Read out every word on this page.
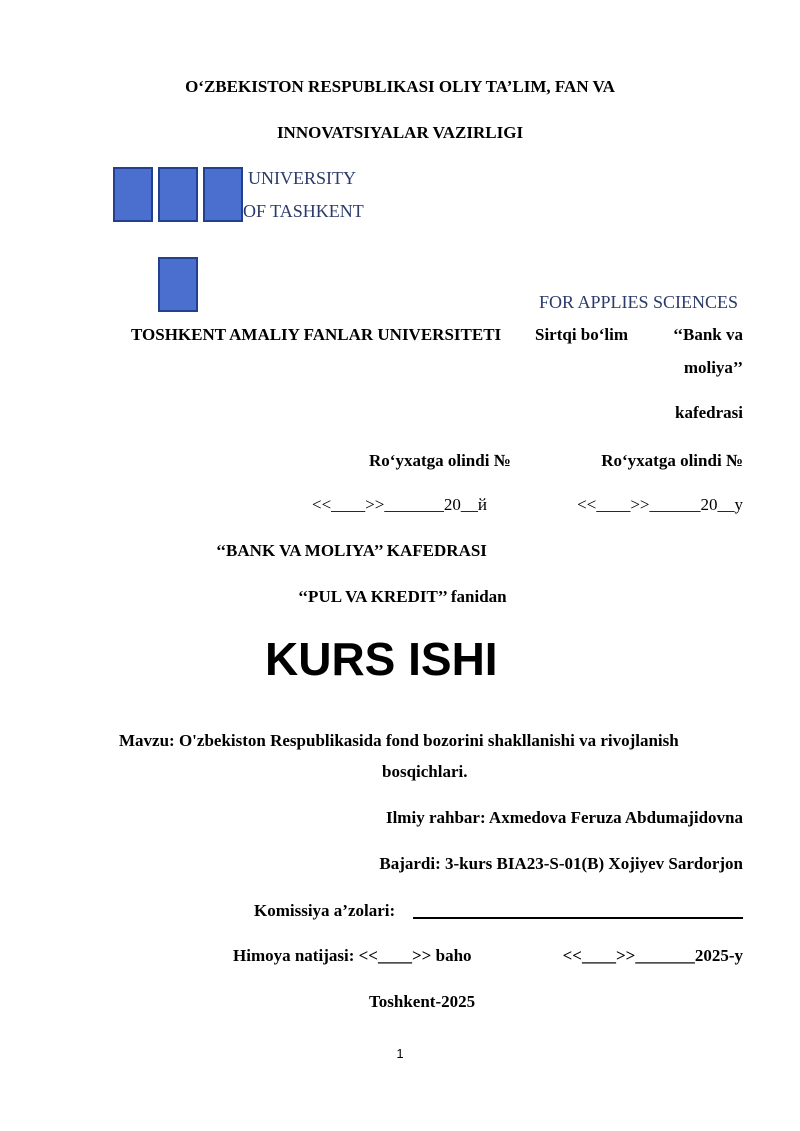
O‘ZBEKISTON RESPUBLIKASI OLIY TA’LIM, FAN VA
INNOVATSIYALAR VAZIRLIGI
UNIVERSITY
OF TASHKENT
FOR APPLIES SCIENCES
TOSHKENT AMALIY FANLAR UNIVERSITETI Sirtqi bo‘lim	‘‘Bank va
moliya’’
kafedrasi
Ro‘yxatga olindi №	Ro‘yxatga olindi №
<<____>>_______20__й	<<____>>______20__y
‘‘BANK VA MOLIYA’’ KAFEDRASI
‘‘PUL VA KREDIT’’ fanidan
KURS ISHI
Mavzu: O'zbekiston Respublikasida fond bozorini shakllanishi va rivojlanish
bosqichlari.
Ilmiy rahbar: Axmedova Feruza Abdumajidovna
Bajardi: 3-kurs BIA23-S-01(B) Xojiyev Sardorjon
Komissiya a’zolari:
Himoya natijasi: <<____>> baho	<<____>>_______2025-y
Toshkent-2025
1
